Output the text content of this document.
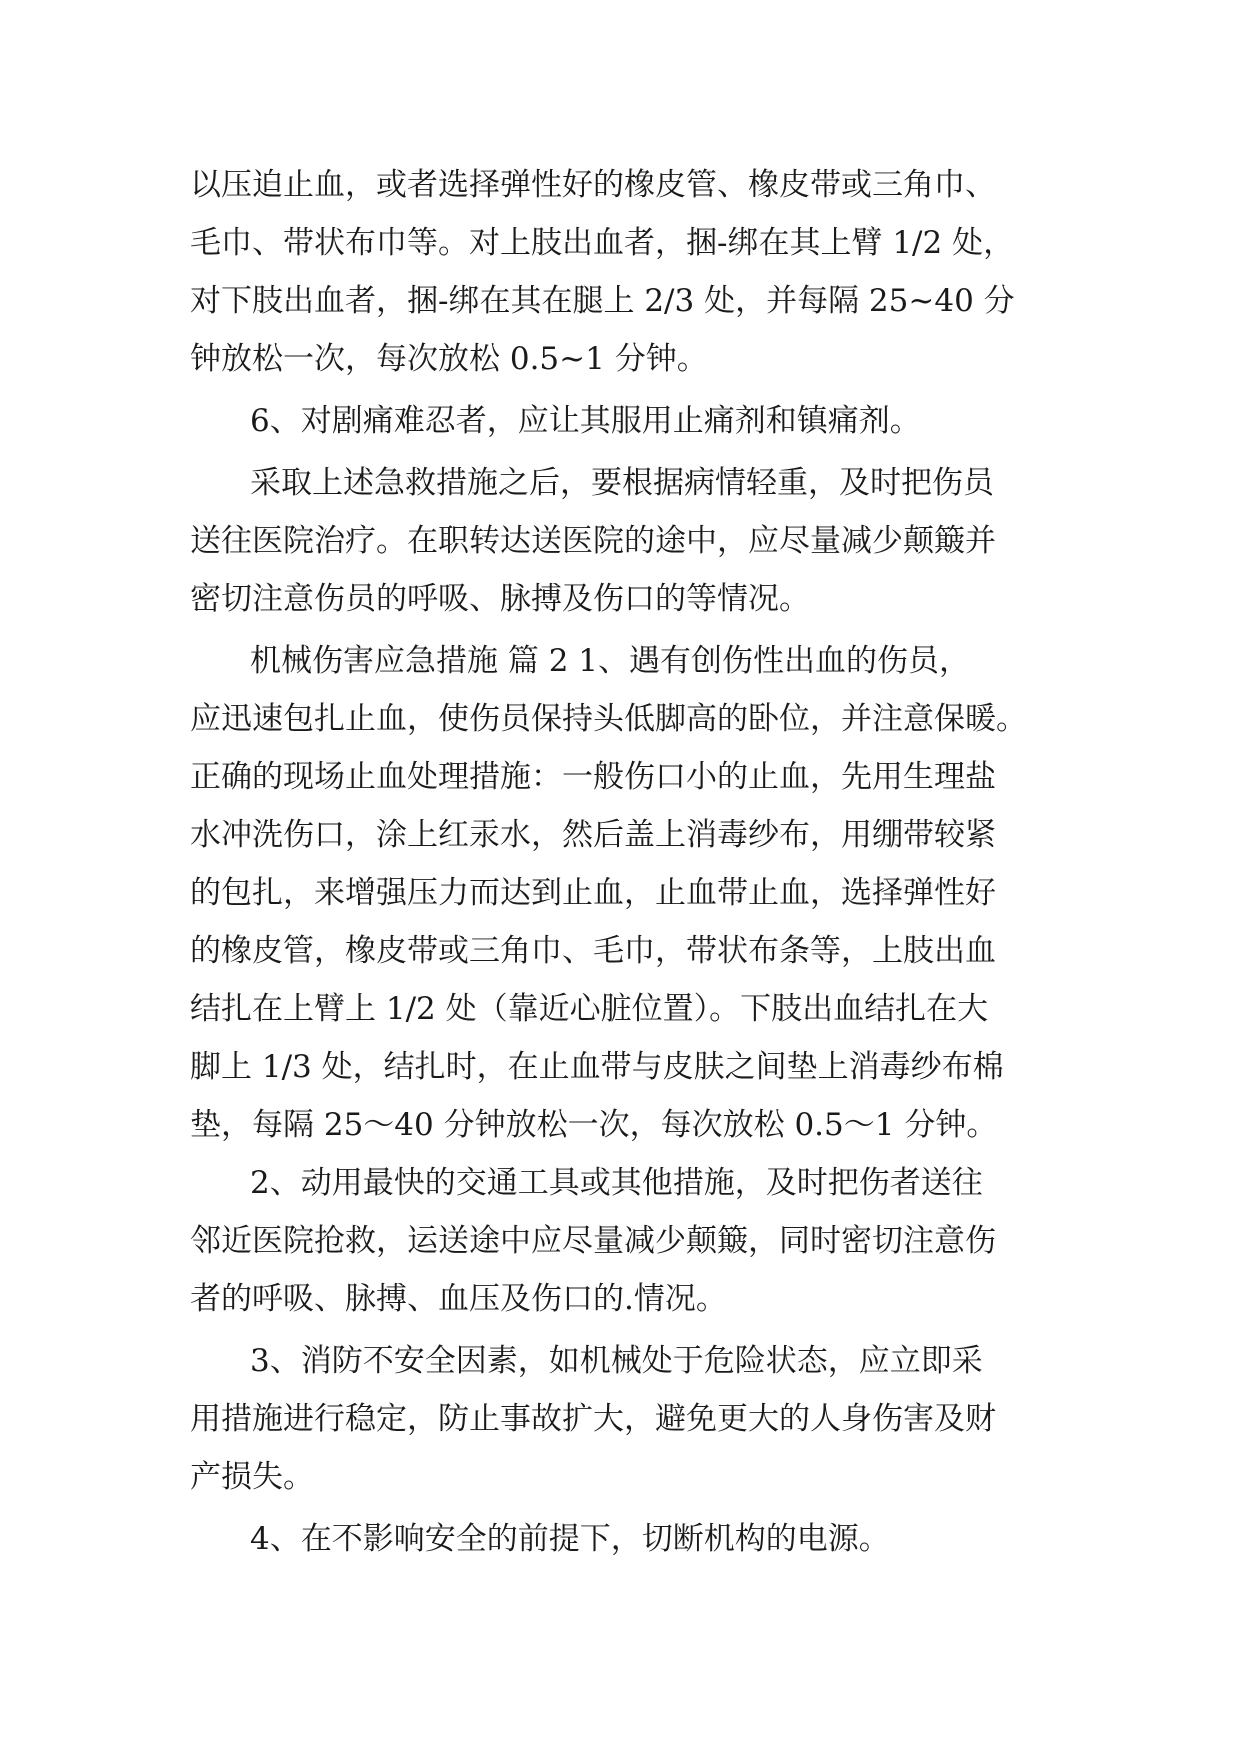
以压迫止血，或者选择弹性好的橡皮管、橡皮带或三角巾、
毛巾、带状布巾等。对上肢出血者，捆-绑在其上臂 1/2 处，
对下肢出血者，捆-绑在其在腿上 2/3 处，并每隔 25~40 分
钟放松一次，每次放松 0.5~1 分钟。
6、对剧痛难忍者，应让其服用止痛剂和镇痛剂。
采取上述急救措施之后，要根据病情轻重，及时把伤员
送往医院治疗。在职转达送医院的途中，应尽量减少颠簸并
密切注意伤员的呼吸、脉搏及伤口的等情况。
机械伤害应急措施 篇 2 1、遇有创伤性出血的伤员，
应迅速包扎止血，使伤员保持头低脚高的卧位，并注意保暖。
正确的现场止血处理措施：一般伤口小的止血，先用生理盐
水冲洗伤口，涂上红汞水，然后盖上消毒纱布，用绷带较紧
的包扎，来增强压力而达到止血，止血带止血，选择弹性好
的橡皮管，橡皮带或三角巾、毛巾，带状布条等，上肢出血
结扎在上臂上 1/2 处（靠近心脏位置）。下肢出血结扎在大
脚上 1/3 处，结扎时，在止血带与皮肤之间垫上消毒纱布棉
垫，每隔 25～40 分钟放松一次，每次放松 0.5～1 分钟。
2、动用最快的交通工具或其他措施，及时把伤者送往
邻近医院抢救，运送途中应尽量减少颠簸，同时密切注意伤
者的呼吸、脉搏、血压及伤口的.情况。
3、消防不安全因素，如机械处于危险状态，应立即采
用措施进行稳定，防止事故扩大，避免更大的人身伤害及财
产损失。
4、在不影响安全的前提下，切断机构的电源。
